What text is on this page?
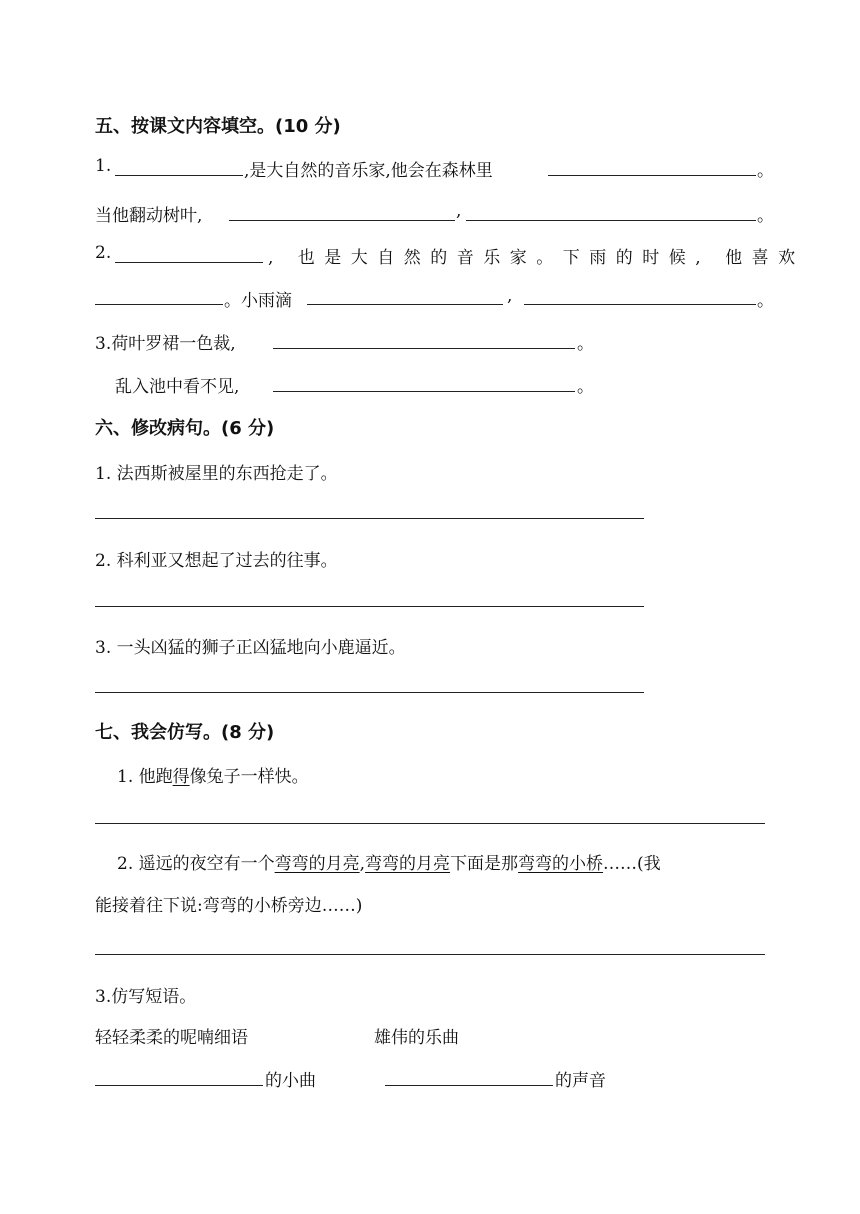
五、按课文内容填空。(10 分)
1.	,是大自然的音乐家,他会在森林里	。
当他翻动树叶,	,	。
2.	, 也是大自然的音乐家。下雨的时候, 他喜欢
。小雨滴	,	。
3.荷叶罗裙一色裁,	。
乱入池中看不见,	。
六、修改病句。(6 分)
1. 法西斯被屋里的东西抢走了。
2. 科利亚又想起了过去的往事。
3. 一头凶猛的狮子正凶猛地向小鹿逼近。
七、我会仿写。(8 分)
1. 他跑得像兔子一样快。
2. 遥远的夜空有一个弯弯的月亮,弯弯的月亮下面是那弯弯的小桥……(我
能接着往下说:弯弯的小桥旁边……)
3.仿写短语。
轻轻柔柔的呢喃细语	雄伟的乐曲
的小曲	的声音
